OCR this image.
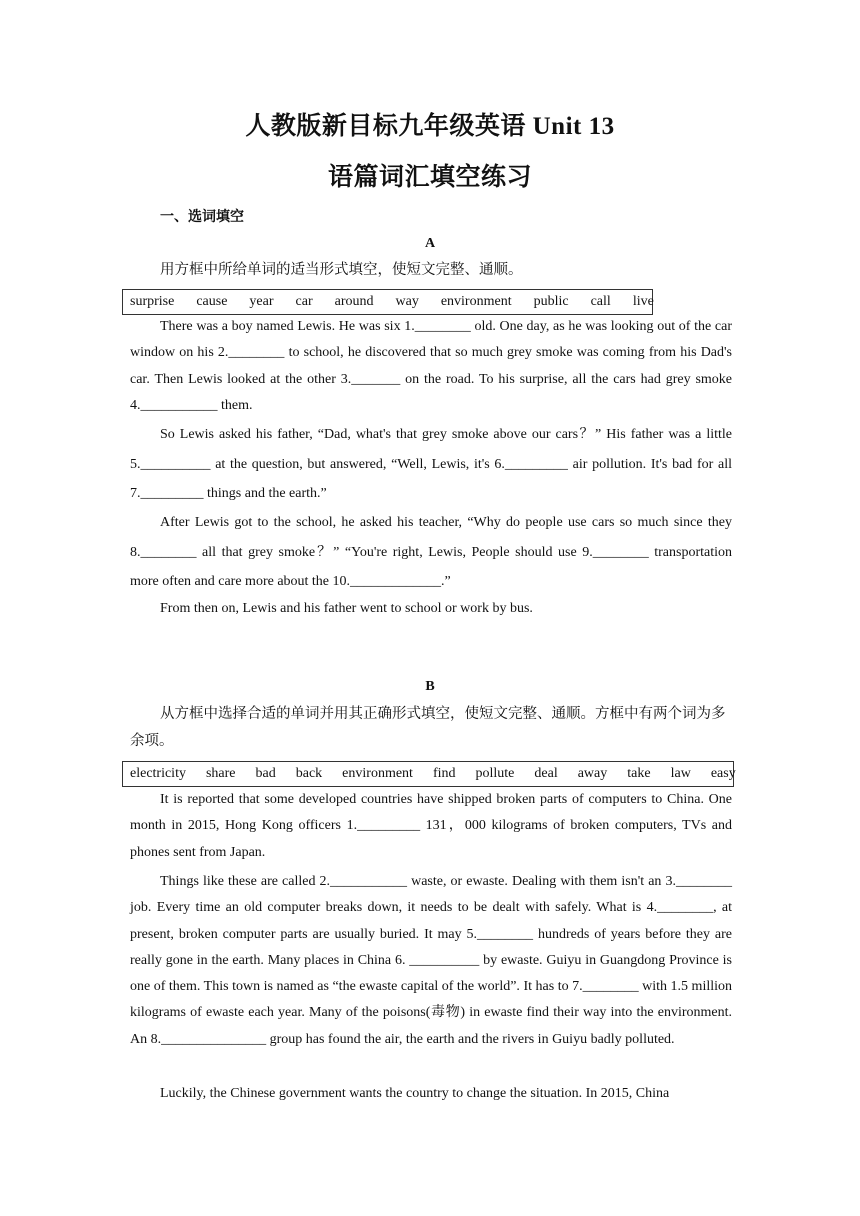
人教版新目标九年级英语 Unit 13
语篇词汇填空练习
一、选词填空
A
用方框中所给单词的适当形式填空，使短文完整、通顺。
surprise cause year car around way environment public call live

There was a boy named Lewis. He was six 1.________ old. One day, as he was looking out of the car window on his 2.________ to school, he discovered that so much grey smoke was coming from his Dad's car. Then Lewis looked at the other 3._______ on the road. To his surprise, all the cars had grey smoke 4.___________ them.

So Lewis asked his father, “Dad, what's that grey smoke above our cars？” His father was a little 5.__________ at the question, but answered, “Well, Lewis, it's 6._________ air pollution. It's bad for all 7._________ things and the earth.”

After Lewis got to the school, he asked his teacher, “Why do people use cars so much since they 8.________ all that grey smoke？” “You're right, Lewis, People should use 9.________ transportation more often and care more about the 10._____________.”

From then on, Lewis and his father went to school or work by bus.

B
从方框中选择合适的单词并用其正确形式填空，使短文完整、通顺。方框中有两个词为多余项。
electricity share bad back environment find pollute deal away take law easy

It is reported that some developed countries have shipped broken parts of computers to China. One month in 2015, Hong Kong officers 1._________ 131，000 kilograms of broken computers, TVs and phones sent from Japan.

Things like these are called 2.___________ waste, or ewaste. Dealing with them isn't an 3.________ job. Every time an old computer breaks down, it needs to be dealt with safely. What is 4.________, at present, broken computer parts are usually buried. It may 5.________ hundreds of years before they are really gone in the earth. Many places in China 6. __________ by ewaste. Guiyu in Guangdong Province is one of them. This town is named as “the ewaste capital of the world”. It has to 7.________ with 1.5 million kilograms of ewaste each year. Many of the poisons(毒物) in ewaste find their way into the environment. An 8._______________ group has found the air, the earth and the rivers in Guiyu badly polluted.

Luckily, the Chinese government wants the country to change the situation. In 2015, China
